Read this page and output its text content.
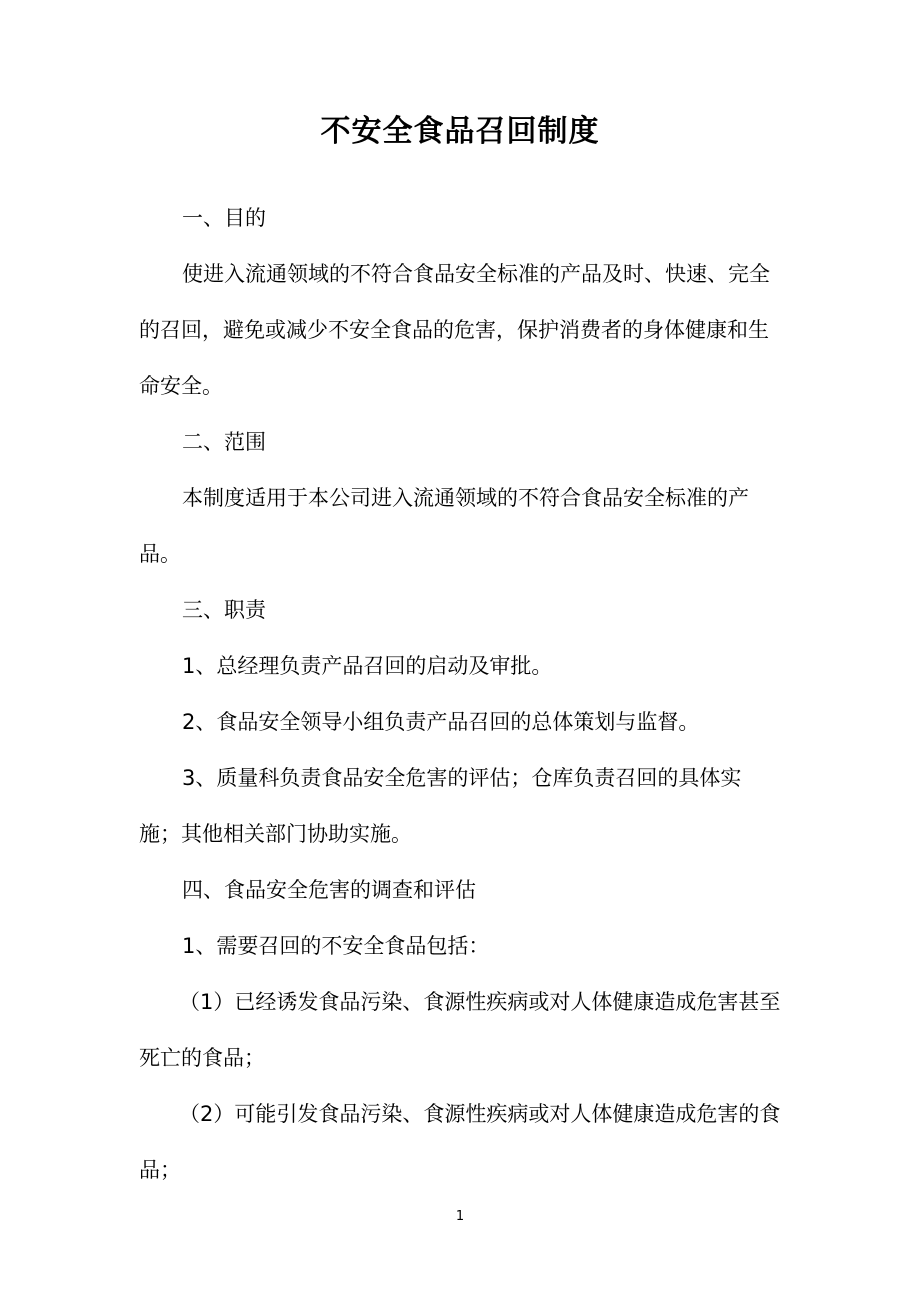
不安全食品召回制度

一、目的

使进入流通领域的不符合食品安全标准的产品及时、快速、完全的召回，避免或减少不安全食品的危害，保护消费者的身体健康和生命安全。

二、范围

本制度适用于本公司进入流通领域的不符合食品安全标准的产品。

三、职责

1、总经理负责产品召回的启动及审批。

2、食品安全领导小组负责产品召回的总体策划与监督。

3、质量科负责食品安全危害的评估；仓库负责召回的具体实施；其他相关部门协助实施。

四、食品安全危害的调查和评估

1、需要召回的不安全食品包括：

（1）已经诱发食品污染、食源性疾病或对人体健康造成危害甚至死亡的食品；

（2）可能引发食品污染、食源性疾病或对人体健康造成危害的食品；

1
